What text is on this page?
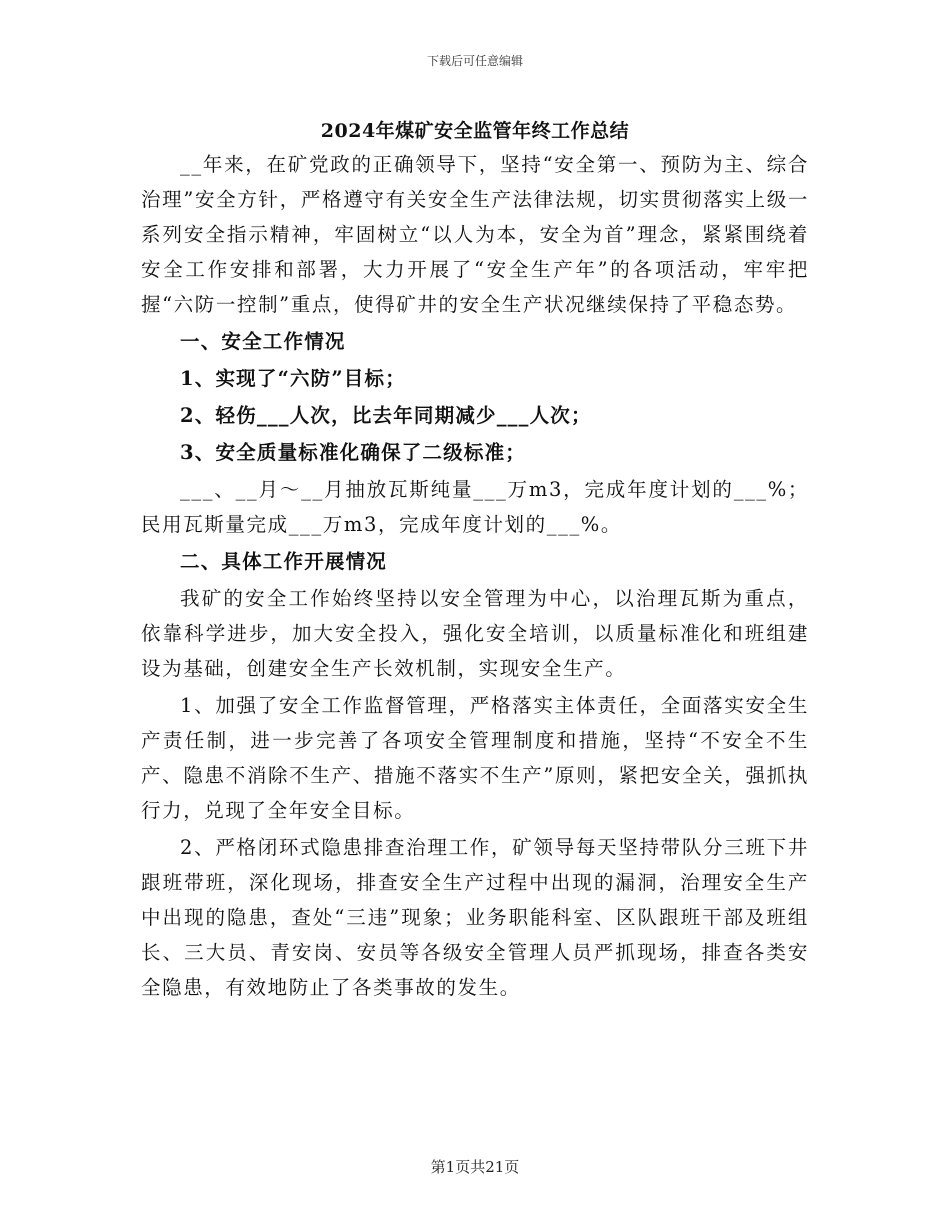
下载后可任意编辑
2024年煤矿安全监管年终工作总结

__年来，在矿党政的正确领导下，坚持“安全第一、预防为主、综合治理”安全方针，严格遵守有关安全生产法律法规，切实贯彻落实上级一系列安全指示精神，牢固树立“以人为本，安全为首”理念，紧紧围绕着安全工作安排和部署，大力开展了“安全生产年”的各项活动，牢牢把握“六防一控制”重点，使得矿井的安全生产状况继续保持了平稳态势。

一、安全工作情况

1、实现了“六防”目标；

2、轻伤___人次，比去年同期减少___人次；

3、安全质量标准化确保了二级标准；

___、__月～__月抽放瓦斯纯量___万m3，完成年度计划的___%；民用瓦斯量完成___万m3，完成年度计划的___%。

二、具体工作开展情况

我矿的安全工作始终坚持以安全管理为中心，以治理瓦斯为重点，依靠科学进步，加大安全投入，强化安全培训，以质量标准化和班组建设为基础，创建安全生产长效机制，实现安全生产。

1、加强了安全工作监督管理，严格落实主体责任，全面落实安全生产责任制，进一步完善了各项安全管理制度和措施，坚持“不安全不生产、隐患不消除不生产、措施不落实不生产”原则，紧把安全关，强抓执行力，兑现了全年安全目标。

2、严格闭环式隐患排查治理工作，矿领导每天坚持带队分三班下井跟班带班，深化现场，排查安全生产过程中出现的漏洞，治理安全生产中出现的隐患，查处“三违”现象；业务职能科室、区队跟班干部及班组长、三大员、青安岗、安员等各级安全管理人员严抓现场，排查各类安全隐患，有效地防止了各类事故的发生。

第1页共21页
